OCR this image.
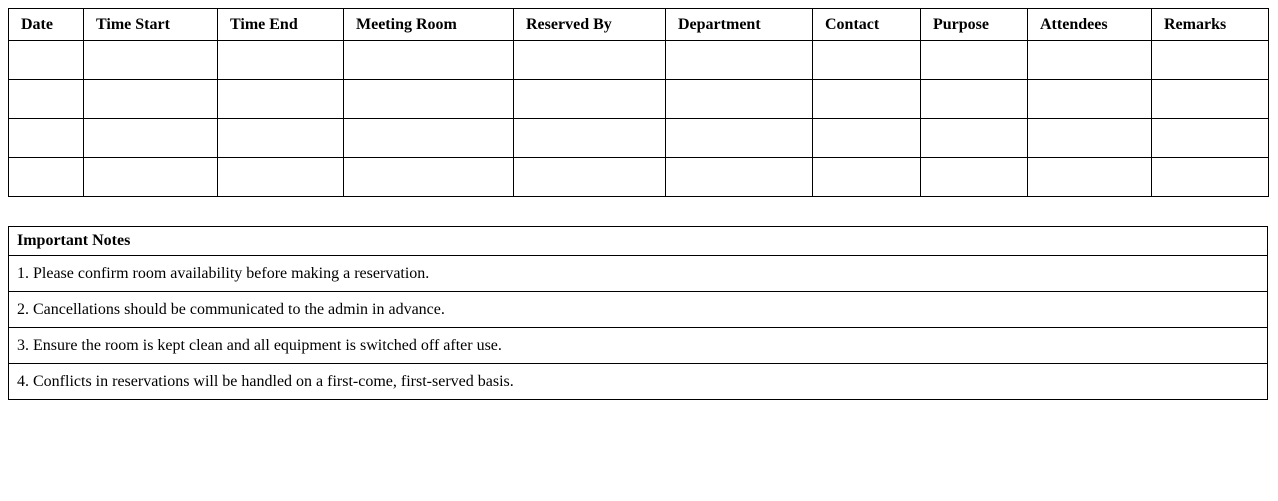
Date	Time Start	Time End	Meeting Room	Reserved By	Department	Contact	Purpose	Attendees	Remarks

Important Notes
1. Please confirm room availability before making a reservation.
2. Cancellations should be communicated to the admin in advance.
3. Ensure the room is kept clean and all equipment is switched off after use.
4. Conflicts in reservations will be handled on a first-come, first-served basis.
